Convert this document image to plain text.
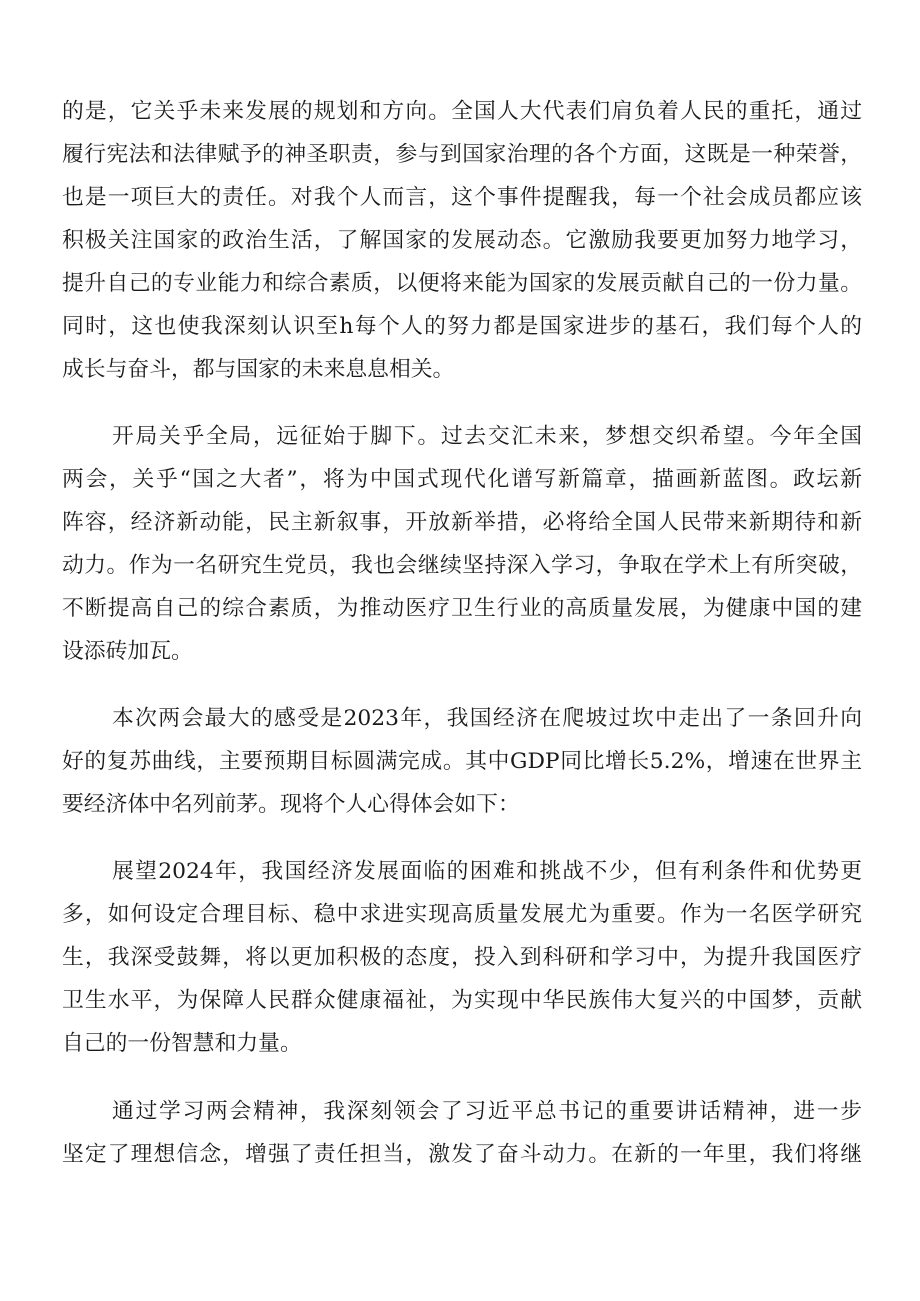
的是，它关乎未来发展的规划和方向。全国人大代表们肩负着人民的重托，通过
履行宪法和法律赋予的神圣职责，参与到国家治理的各个方面，这既是一种荣誉，
也是一项巨大的责任。对我个人而言，这个事件提醒我，每一个社会成员都应该
积极关注国家的政治生活，了解国家的发展动态。它激励我要更加努力地学习，
提升自己的专业能力和综合素质，以便将来能为国家的发展贡献自己的一份力量。
同时，这也使我深刻认识至h每个人的努力都是国家进步的基石，我们每个人的
成长与奋斗，都与国家的未来息息相关。
开局关乎全局，远征始于脚下。过去交汇未来，梦想交织希望。今年全国
两会，关乎“国之大者”，将为中国式现代化谱写新篇章，描画新蓝图。政坛新
阵容，经济新动能，民主新叙事，开放新举措，必将给全国人民带来新期待和新
动力。作为一名研究生党员，我也会继续坚持深入学习，争取在学术上有所突破，
不断提高自己的综合素质，为推动医疗卫生行业的高质量发展，为健康中国的建
设添砖加瓦。
本次两会最大的感受是2023年，我国经济在爬坡过坎中走出了一条回升向
好的复苏曲线，主要预期目标圆满完成。其中GDP同比增长5.2%，增速在世界主
要经济体中名列前茅。现将个人心得体会如下：
展望2024年，我国经济发展面临的困难和挑战不少，但有利条件和优势更
多，如何设定合理目标、稳中求进实现高质量发展尤为重要。作为一名医学研究
生，我深受鼓舞，将以更加积极的态度，投入到科研和学习中，为提升我国医疗
卫生水平，为保障人民群众健康福祉，为实现中华民族伟大复兴的中国梦，贡献
自己的一份智慧和力量。
通过学习两会精神，我深刻领会了习近平总书记的重要讲话精神，进一步
坚定了理想信念，增强了责任担当，激发了奋斗动力。在新的一年里，我们将继
